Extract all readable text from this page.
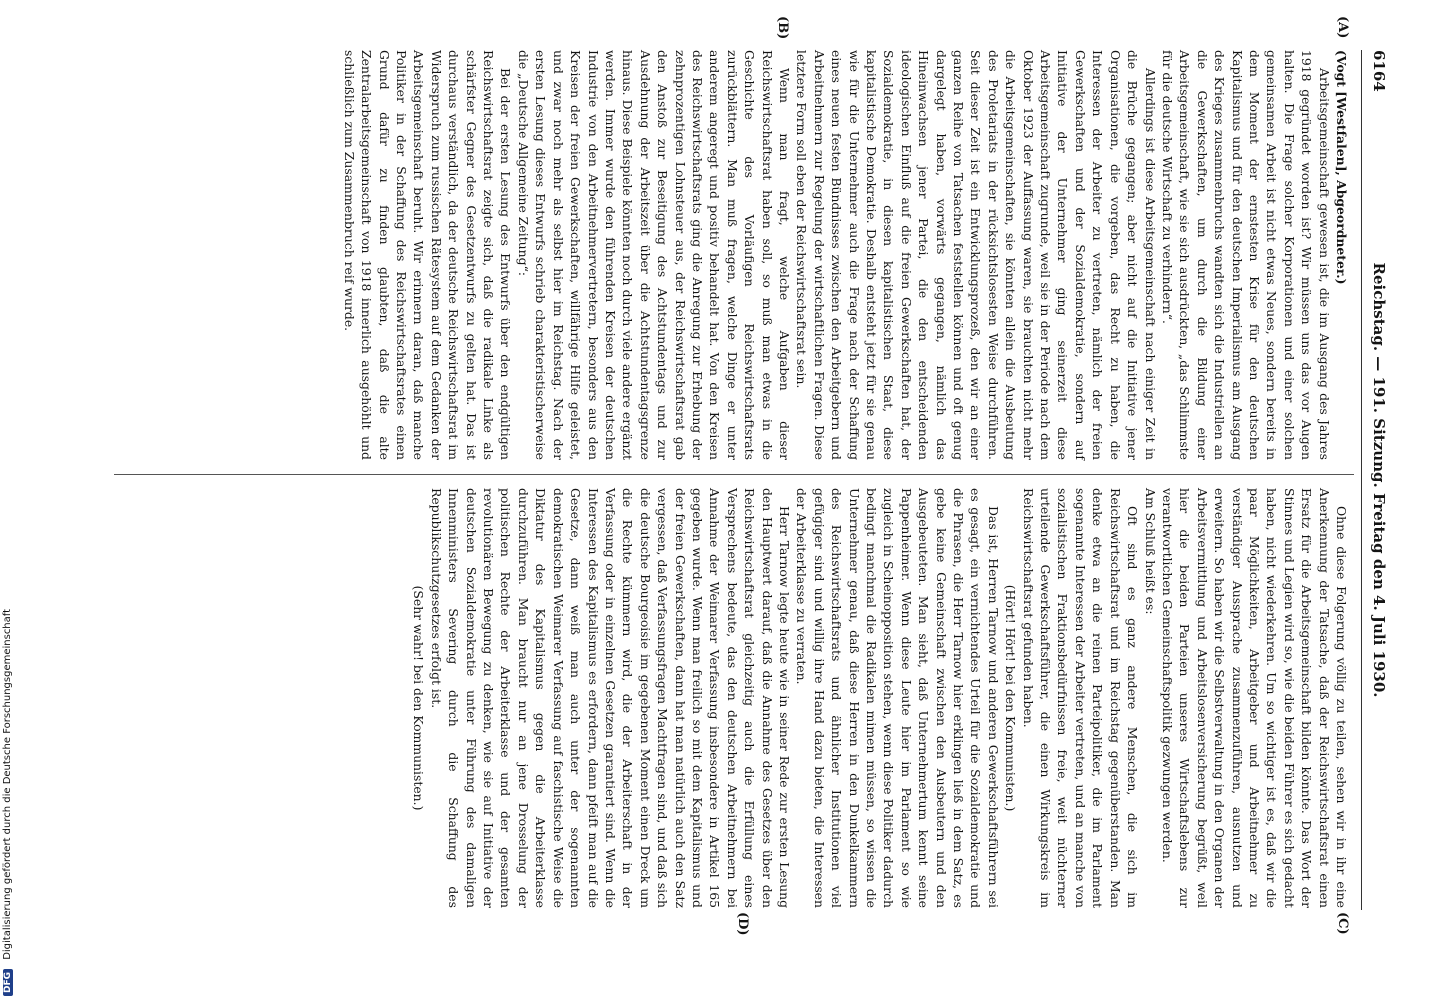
6164
Reichstag. — 191. Sitzung. Freitag den 4. Juli 1930.
(A)
(B)
(C)
(D)

(Vogt [Westfalen], Abgeordneter.)

Arbeitsgemeinschaft gewesen ist, die im Ausgang des Jahres 1918 gegründet worden ist? Wir müssen uns das vor Augen halten. Die Frage solcher Korporationen und einer solchen gemeinsamen Arbeit ist nicht etwas Neues, sondern bereits in dem Moment der ernstesten Krise für den deutschen Kapitalismus und für den deutschen Imperialismus am Ausgang des Krieges zusammenbruchs wandten sich die Industriellen an die Gewerkschaften, um durch die Bildung einer Arbeitsgemeinschaft, wie sie sich ausdrückten, „das Schlimmste für die deutsche Wirtschaft zu verhindern“.

Allerdings ist diese Arbeitsgemeinschaft nach einiger Zeit in die Brüche gegangen; aber nicht auf die Initiative jener Organisationen, die vorgeben, das Recht zu haben, die Interessen der Arbeiter zu vertreten, nämlich der freien Gewerkschaften und der Sozialdemokratie, sondern auf Initiative der Unternehmer ging seinerzeit diese Arbeitsgemeinschaft zugrunde, weil sie in der Periode nach dem Oktober 1923 der Auffassung waren, sie brauchten nicht mehr die Arbeitsgemeinschaften, sie könnten allein die Ausbeutung des Proletariats in der rücksichtslosesten Weise durchführen. Seit dieser Zeit ist ein Entwicklungsprozeß, den wir an einer ganzen Reihe von Tatsachen feststellen können und oft genug dargelegt haben, vorwärts gegangen, nämlich das Hineinwachsen jener Partei, die den entscheidenden ideologischen Einfluß auf die freien Gewerkschaften hat, der Sozialdemokratie, in diesen kapitalistischen Staat, diese kapitalistische Demokratie. Deshalb entsteht jetzt für sie genau wie für die Unternehmer auch die Frage nach der Schaffung eines neuen festen Bündnisses zwischen den Arbeitgebern und Arbeitnehmern zur Regelung der wirtschaftlichen Fragen. Diese letztere Form soll eben der Reichswirtschaftsrat sein.

Wenn man fragt, welche Aufgaben dieser Reichswirtschaftsrat haben soll, so muß man etwas in die Geschichte des Vorläufigen Reichswirtschaftsrats zurückblättern. Man muß fragen, welche Dinge er unter anderem angeregt und positiv behandelt hat. Von den Kreisen des Reichswirtschaftsrats ging die Anregung zur Erhebung der zehnprozentigen Lohnsteuer aus, der Reichswirtschaftsrat gab den Anstoß zur Beseitigung des Achtstundentags und zur Ausdehnung der Arbeitszeit über die Achtstundentagsgrenze hinaus. Diese Beispiele könnten noch durch viele andere ergänzt werden. Immer wurde den führenden Kreisen der deutschen Industrie von den Arbeitnehmervertretern, besonders aus den Kreisen der freien Gewerkschaften, willfährige Hilfe geleistet, und zwar noch mehr als selbst hier im Reichstag. Nach der ersten Lesung dieses Entwurfs schrieb charakteristischerweise die „Deutsche Allgemeine Zeitung“:

Bei der ersten Lesung des Entwurfs über den endgültigen Reichswirtschaftsrat zeigte sich, daß die radikale Linke als schärfster Gegner des Gesetzentwurfs zu gelten hat. Das ist durchaus verständlich, da der deutsche Reichswirtschaftsrat im Widerspruch zum russischen Rätesystem auf dem Gedanken der Arbeitsgemeinschaft beruht. Wir erinnern daran, daß manche Politiker in der Schaffung des Reichswirtschaftsrates einen Grund dafür zu finden glaubten, daß die alte Zentralarbeitsgemeinschaft von 1918 innerlich ausgehöhlt und schließlich zum Zusammenbruch reif wurde.

Ohne diese Folgerung völlig zu teilen, sehen wir in ihr eine Anerkennung der Tatsache, daß der Reichswirtschaftsrat einen Ersatz für die Arbeitsgemeinschaft bilden könnte. Das Wort der Stinnes und Legien wird so, wie die beiden Führer es sich gedacht haben, nicht wiederkehren. Um so wichtiger ist es, daß wir die paar Möglichkeiten, Arbeitgeber und Arbeitnehmer zu verständiger Aussprache zusammenzuführen, ausnutzen und erweitern. So haben wir die Selbstverwaltung in den Organen der Arbeitsvermittlung und Arbeitslosenversicherung begrüßt, weil hier die beiden Parteien unseres Wirtschaftslebens zur verantwortlichen Gemeinschaftspolitik gezwungen werden.

Am Schluß heißt es:

Oft sind es ganz andere Menschen, die sich im Reichswirtschaftsrat und im Reichstag gegenüberstanden. Man denke etwa an die reinen Parteipolitiker, die im Parlament sogenannte Interessen der Arbeiter vertreten, und an manche von sozialistischen Fraktionsbedürfnissen freie, weit nüchterner urteilende Gewerkschaftsführer, die einen Wirkungskreis im Reichswirtschaftsrat gefunden haben.

(Hört! Hört! bei den Kommunisten.)

Das ist, Herren Tarnow und anderen Gewerkschaftsführern sei es gesagt, ein vernichtendes Urteil für die Sozialdemokratie und die Phrasen, die Herr Tarnow hier erklingen ließ in dem Satz, es gebe keine Gemeinschaft zwischen den Ausbeutern und den Ausgebeuteten. Man sieht, daß Unternehmertum kennt seine Pappenheimer. Wenn diese Leute hier im Parlament so wie zugleich in Scheinopposition stehen, wenn diese Politiker dadurch bedingt manchmal die Radikalen mimen müssen, so wissen die Unternehmer genau, daß diese Herren in den Dunkelkammern des Reichswirtschaftsrats und ähnlicher Institutionen viel gefügiger sind und willig ihre Hand dazu bieten, die Interessen der Arbeiterklasse zu verraten.

Herr Tarnow legte heute wie in seiner Rede zur ersten Lesung den Hauptwert darauf, daß die Annahme des Gesetzes über den Reichswirtschaftsrat gleichzeitig auch die Erfüllung eines Versprechens bedeute, das den deutschen Arbeitnehmern bei Annahme der Weimarer Verfassung insbesondere in Artikel 165 gegeben wurde. Wenn man freilich so mit dem Kapitalismus und der freien Gewerkschaften, dann hat man natürlich auch den Satz vergessen, daß Verfassungsfragen Machtfragen sind, und daß sich die deutsche Bourgeoisie im gegebenen Moment einen Dreck um die Rechte kümmern wird, die der Arbeiterschaft in der Verfassung oder in einzelnen Gesetzen garantiert sind. Wenn die Interessen des Kapitalismus es erfordern, dann pfeift man auf die Gesetze, dann weiß man auch unter der sogenannten demokratischen Weimarer Verfassung auf faschistische Weise die Diktatur des Kapitalismus gegen die Arbeiterklasse durchzuführen. Man braucht nur an jene Drosselung der politischen Rechte der Arbeiterklasse und der gesamten revolutionären Bewegung zu denken, wie sie auf Initiative der deutschen Sozialdemokratie unter Führung des damaligen Innenministers Severing durch die Schaffung des Republikschutzgesetzes erfolgt ist.

(Sehr wahr! bei den Kommunisten.)

DFG Digitalisierung gefördert durch die Deutsche Forschungsgemeinschaft
